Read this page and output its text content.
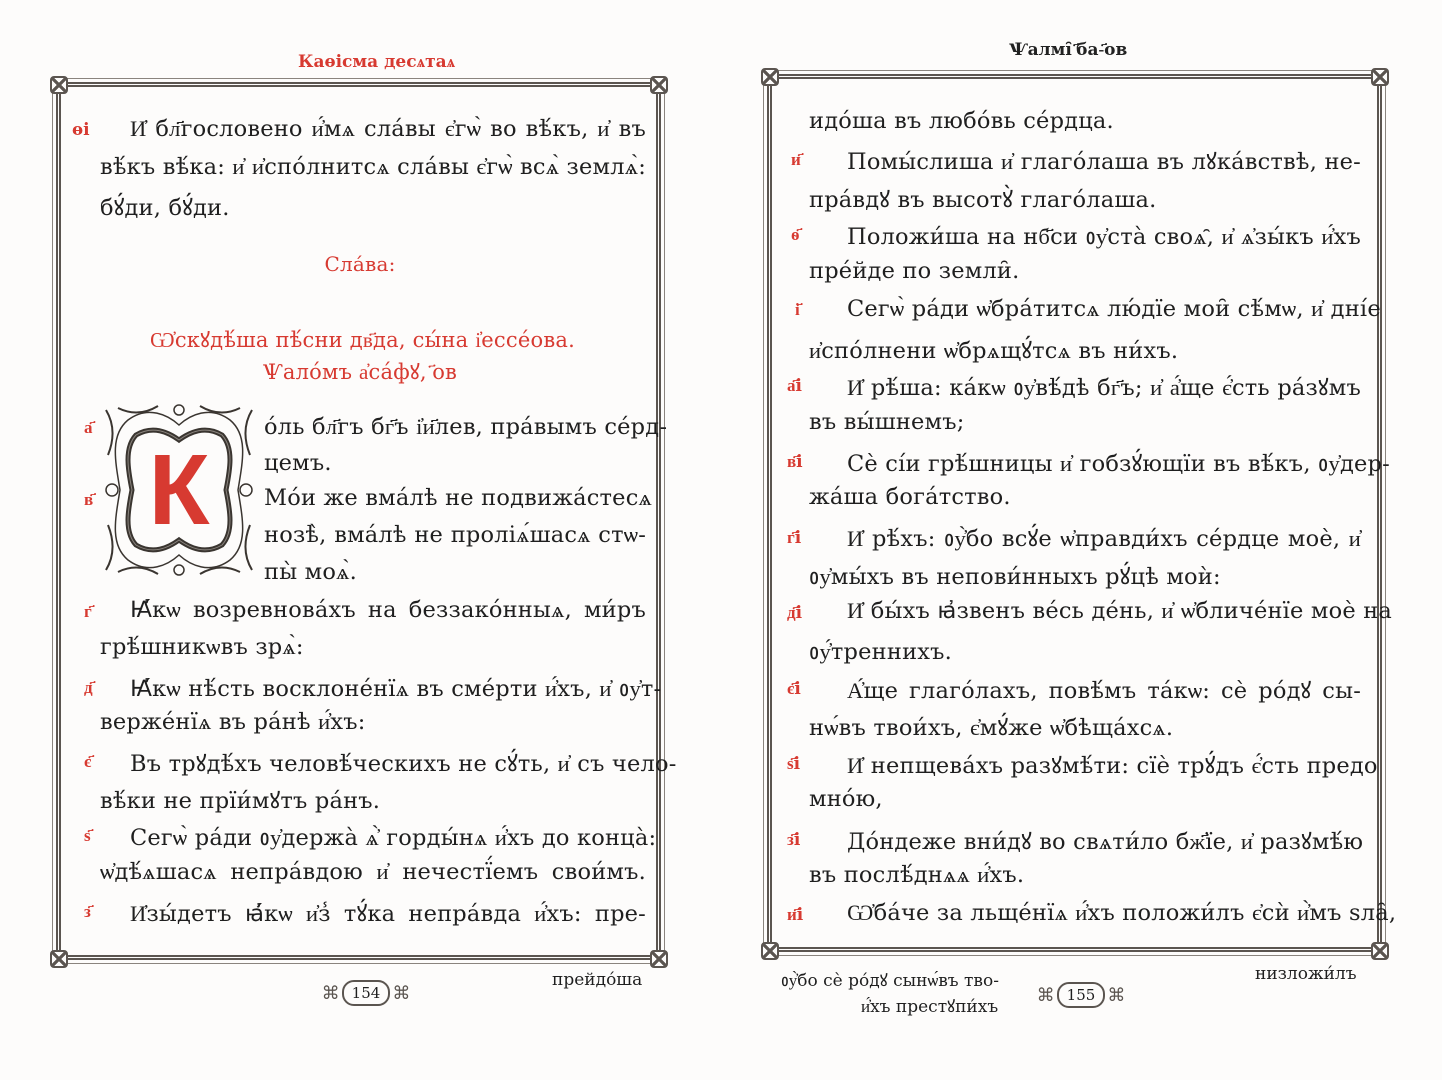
Каѳісма десѧтаѧ
ѳі И҆ бл҃гословено и҆́мѧ сла́вы є҆гѡ̀ во вѣ́къ, и҆ въ
вѣ́къ вѣ́ка: и҆ и҆спо́лнитсѧ сла́вы є҆гѡ̀ всѧ̀ землѧ̀:
бꙋ́ди, бꙋ́ди.
Сла́ва:
Ѡ҆скꙋдѣ́ша пѣ́сни дв҃да, сы́на і҆ессе́ова.
Ѱало́мъ а҆са́фꙋ, ҃ов
К
а҃	о́ль бл҃гъ бг҃ъ і҆и҃лев, пра́вымъ се́рд-
цемъ.
в҃	Мо́и же вма́лѣ не подвижа́стесѧ
нозѣ̀, вма́лѣ не проліѧ́шасѧ стѡ-
пы̀ моѧ̀.
г҃ Ꙗ҆́кѡ возревнова́хъ на беззако́нныѧ, ми́ръ
грѣ́шникѡвъ зрѧ̀:
д҃ Ꙗ҆́кѡ нѣ́сть восклоне́нїѧ въ сме́рти и҆́хъ, и҆ ᲂу҆т-
верже́нїѧ въ ра́нѣ и҆́хъ:
є҃ Въ трꙋдѣ́хъ человѣ́ческихъ не сꙋ́ть, и҆ съ чело-
вѣ́ки не прїи́мꙋтъ ра́нъ.
ѕ҃ Сегѡ̀ ра́ди ᲂу҆держа̀ ѧ҆̀ горды́нѧ и҆́хъ до конца̀:
ѡ҆дѣ́ѧшасѧ непра́вдою и҆ нечестї́емъ свои́мъ.
з҃ И҆зы́детъ ꙗ҆́кѡ и҆з̾ тꙋ́ка непра́вда и҆́хъ: пре-
⌘ 154 ⌘
прейдо́ша
Ѱалмі̑ ҃ба-҃ов
идо́ша въ любо́вь се́рдца.
и҃ Помы́слиша и҆ глаго́лаша въ лꙋка́вствѣ, не-
пра́вдꙋ въ высотꙋ̀ глаго́лаша.
ѳ҃ Положи́ша на нб҃си ᲂу҆ста̀ своѧ̑, и҆ ѧ҆зы́къ и҆́хъ
пре́йде по земли̑.
і҃ Сегѡ̀ ра́ди ѡ҆бра́титсѧ лю́дїе мои̑ сѣ́мѡ, и҆ дні́е
и҆спо́лнени ѡ҆брѧщꙋ́тсѧ въ ни́хъ.
а҃і И҆ рѣ́ша: ка́кѡ ᲂу҆вѣ́дѣ бг҃ъ; и҆ а҆́ще є҆́сть ра́зꙋмъ
въ вы́шнемъ;
в҃і Сѐ сі́и грѣ́шницы и҆ гобзꙋ́ющїи въ вѣ́къ, ᲂу҆дер-
жа́ша бога́тство.
г҃і И҆ рѣ́хъ: ᲂу҆̀бо всꙋ́е ѡ҆правди́хъ се́рдце моѐ, и҆
ᲂу҆мы́хъ въ непови́нныхъ рꙋ́цѣ моѝ:
д҃і И҆ бы́хъ ꙗ҆звенъ ве́сь де́нь, и҆ ѡ҆бличе́нїе моѐ на
ᲂу҆́треннихъ.
є҃і А҆́ще глаго́лахъ, повѣ́мъ та́кѡ: сѐ ро́дꙋ сы-
нѡ́въ твои́хъ, є҆мꙋ́же ѡ҆бѣща́хсѧ.
ѕ҃і И҆ непщева́хъ разꙋмѣ́ти: сїѐ трꙋ́дъ є҆́сть предо
мно́ю,
з҃і До́ндеже вни́дꙋ во свѧти́ло бж҃їе, и҆ разꙋмѣ́ю
въ послѣ́днѧѧ и҆́хъ.
и҃і Ѡ҆ба́че за льще́нїѧ и҆́хъ положи́лъ є҆сѝ и҆̀мъ ѕла̑,
ᲂу҆̀бо сѐ ро́дꙋ сынѡ́въ тво-
и҆́хъ престꙋпи́хъ
⌘ 155 ⌘
низложи́лъ
